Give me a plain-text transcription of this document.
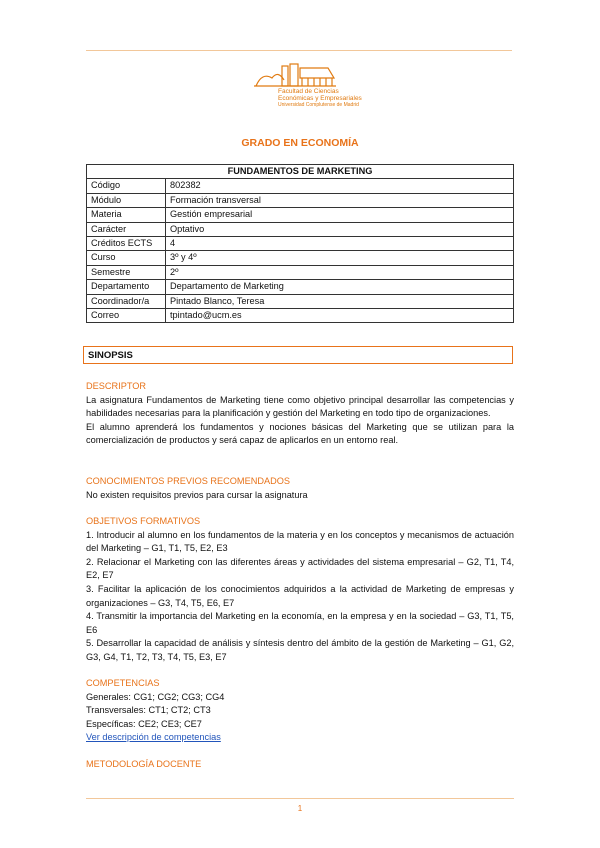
Facultad de Ciencias
Económicas y Empresariales
Universidad Complutense de Madrid
GRADO EN ECONOMÍA
FUNDAMENTOS DE MARKETING	
Código	802382
Módulo	Formación transversal
Materia	Gestión empresarial
Carácter	Optativo
Créditos ECTS	4
Curso	3º y 4º
Semestre	2º
Departamento	Departamento de Marketing
Coordinador/a	Pintado Blanco, Teresa
Correo	tpintado@ucm.es
SINOPSIS
DESCRIPTOR
La asignatura Fundamentos de Marketing tiene como objetivo principal desarrollar las competencias y habilidades necesarias para la planificación y gestión del Marketing en todo tipo de organizaciones.
El alumno aprenderá los fundamentos y nociones básicas del Marketing que se utilizan para la comercialización de productos y será capaz de aplicarlos en un entorno real.
CONOCIMIENTOS PREVIOS RECOMENDADOS
No existen requisitos previos para cursar la asignatura
OBJETIVOS FORMATIVOS
1. Introducir al alumno en los fundamentos de la materia y en los conceptos y mecanismos de actuación del Marketing – G1, T1, T5, E2, E3
2. Relacionar el Marketing con las diferentes áreas y actividades del sistema empresarial – G2, T1, T4, E2, E7
3. Facilitar la aplicación de los conocimientos adquiridos a la actividad de Marketing de empresas y organizaciones – G3, T4, T5, E6, E7
4. Transmitir la importancia del Marketing en la economía, en la empresa y en la sociedad – G3, T1, T5, E6
5. Desarrollar la capacidad de análisis y síntesis dentro del ámbito de la gestión de Marketing – G1, G2, G3, G4, T1, T2, T3, T4, T5, E3, E7
COMPETENCIAS
Generales: CG1; CG2; CG3; CG4
Transversales: CT1; CT2; CT3
Específicas: CE2; CE3; CE7
Ver descripción de competencias
METODOLOGÍA DOCENTE
1
